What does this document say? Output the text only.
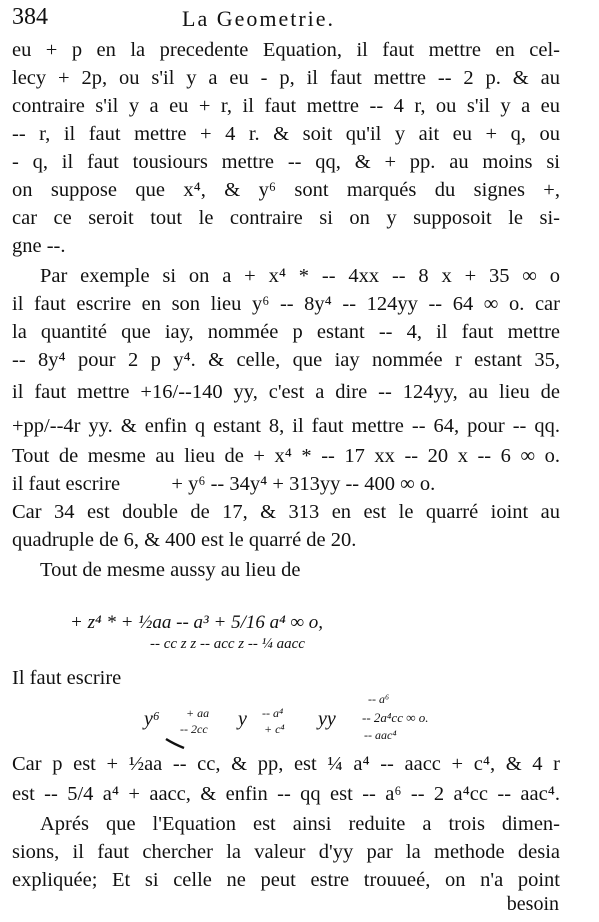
384	La Geometrie.
eu + p en la precedente Equation, il faut mettre en cel-
lecy + 2p, ou s'il y a eu - p, il faut mettre -- 2 p. & au
contraire s'il y a eu + r, il faut mettre -- 4 r, ou s'il y a eu
-- r, il faut mettre + 4 r. & soit qu'il y ait eu + q, ou
- q, il faut tousiours mettre -- qq, & + pp. au moins si
on suppose que x⁴, & y⁶ sont marqués du signes +,
car ce seroit tout le contraire si on y supposoit le si-
gne --.
Par exemple si on a + x⁴ * -- 4xx -- 8 x + 35 ∞ o
il faut escrire en son lieu y⁶ -- 8y⁴ -- 124yy -- 64 ∞ o. car
la quantité que iay, nommée p estant -- 4, il faut mettre
-- 8y⁴ pour 2 p y⁴. & celle, que iay nommée r estant 35,
il faut mettre +16/--140 yy, c'est a dire -- 124yy, au lieu de
+pp/--4r yy. & enfin q estant 8, il faut mettre -- 64, pour -- qq.
Tout de mesme au lieu de + x⁴ * -- 17 xx -- 20 x -- 6 ∞ o.
il faut escrire          + y⁶ -- 34y⁴ + 313yy -- 400 ∞ o.
Car 34 est double de 17, & 313 en est le quarré ioint au
quadruple de 6, & 400 est le quarré de 20.
Tout de mesme aussy au lieu de
+ z⁴ * + ½aa -- a³ + 5/16 a⁴ ∞ o,
-- cc z z -- acc z -- ¼ aacc
Il faut escrire
y⁶ + aa
-- 2cc y -- a⁴
+ c⁴ yy
-- a⁶
-- 2a⁴cc ∞ o.
-- aac⁴
Car p est + ½aa -- cc, & pp, est ¼ a⁴ -- aacc + c⁴, & 4 r
est -- 5/4 a⁴ + aacc, & enfin -- qq est -- a⁶ -- 2 a⁴cc -- aac⁴.
Aprés que l'Equation est ainsi reduite a trois dimen-
sions, il faut chercher la valeur d'yy par la methode desia
expliquée; Et si celle ne peut estre trouueé, on n'a point
besoin
